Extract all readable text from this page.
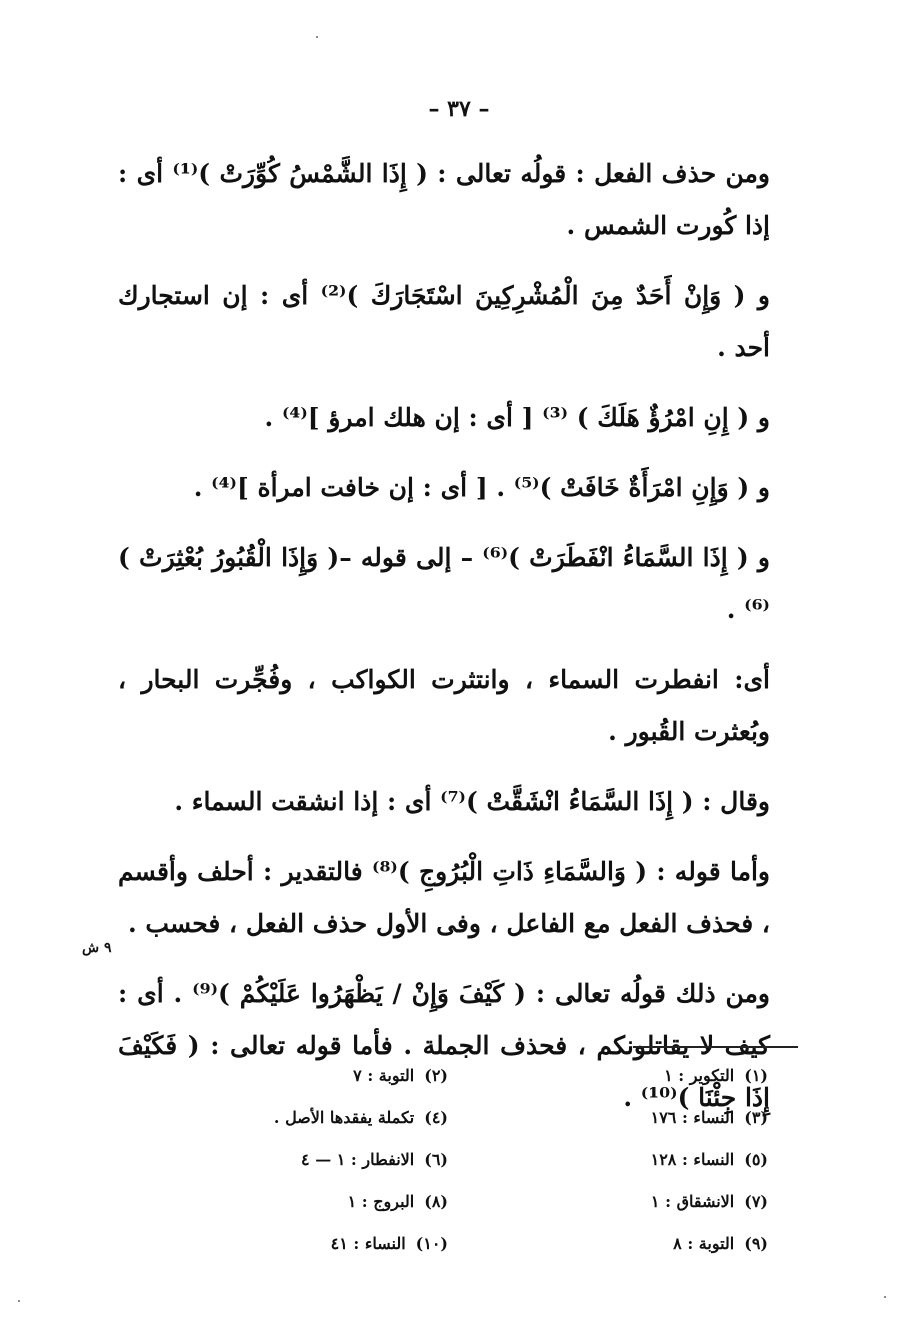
– ٣٧ –

ومن حذف الفعل : قولُه تعالى : ( إِذَا الشَّمْسُ كُوِّرَتْ )⁽¹⁾ أى : إذا كُورت الشمس .

و ( وَإِنْ أَحَدٌ مِنَ الْمُشْرِكِينَ اسْتَجَارَكَ )⁽²⁾ أى : إن استجارك أحد .

و ( إِنِ امْرُؤٌ هَلَكَ ) ⁽³⁾ [ أى : إن هلك امرؤ ]⁽⁴⁾ .

و ( وَإِنِ امْرَأَةٌ خَافَتْ )⁽⁵⁾ . [ أى : إن خافت امرأة ]⁽⁴⁾ .

و ( إِذَا السَّمَاءُ انْفَطَرَتْ )⁽⁶⁾ – إلى قوله –( وَإِذَا الْقُبُورُ بُعْثِرَتْ )⁽⁶⁾ .

أى: انفطرت السماء ، وانتثرت الكواكب ، وفُجِّرت البحار ، وبُعثرت القُبور .

وقال : ( إِذَا السَّمَاءُ انْشَقَّتْ )⁽⁷⁾ أى : إذا انشقت السماء .

وأما قوله : ( وَالسَّمَاءِ ذَاتِ الْبُرُوجِ )⁽⁸⁾ فالتقدير : أحلف وأقسم ، فحذف الفعل مع الفاعل ، وفى الأول حذف الفعل ، فحسب .

ومن ذلك قولُه تعالى : ( كَيْفَ وَإِنْ / يَظْهَرُوا عَلَيْكُمْ )⁽⁹⁾ . أى : كيف لا يقاتلونكم ، فحذف الجملة . فأما قوله تعالى : ( فَكَيْفَ إِذَا جِئْنَا )⁽¹⁰⁾ .

٩ ش
(١)التكوير : ١
(٢)التوبة : ٧
(٣)النساء : ١٧٦
(٤)تكملة يفقدها الأصل .
(٥)النساء : ١٢٨
(٦)الانفطار : ١ — ٤
(٧)الانشقاق : ١
(٨)البروج : ١
(٩)التوبة : ٨
(١٠)النساء : ٤١
